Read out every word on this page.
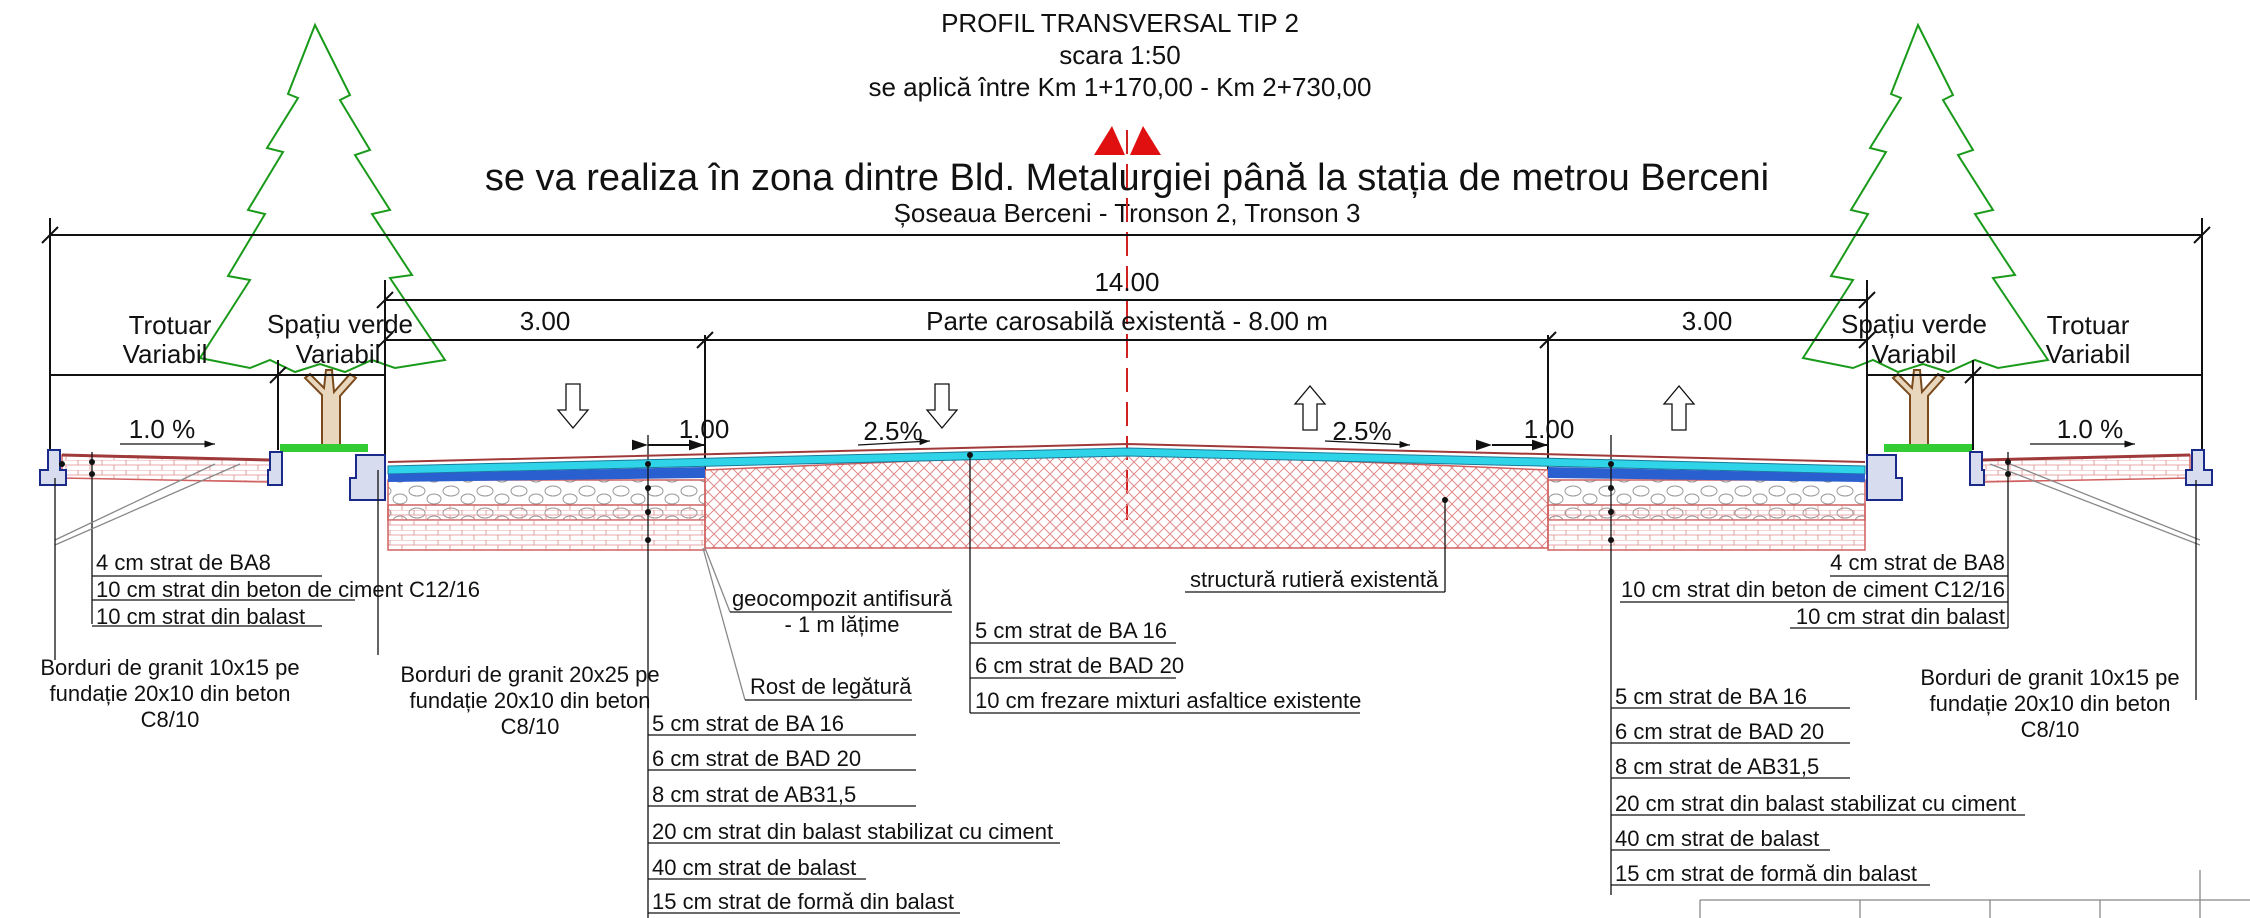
PROFIL TRANSVERSAL TIP 2
scara 1:50
se aplică între Km 1+170,00 - Km 2+730,00
se va realiza în zona dintre Bld. Metalurgiei până la stația de metrou Berceni
Șoseaua Berceni - Tronson 2, Tronson 3
14.00
3.00	Parte carosabilă existentă - 8.00 m	3.00
Trotuar
Variabil
Spațiu verde
Variabil
Spațiu verde
Variabil
Trotuar
Variabil
1.00	1.00
1.0 %	2.5%	2.5%	1.0 %
4 cm strat de BA8
10 cm strat din beton de ciment C12/16
10 cm strat din balast
Borduri de granit 10x15 pe
fundație 20x10 din beton
C8/10
Borduri de granit 20x25 pe
fundație 20x10 din beton
C8/10
geocompozit antifisură
- 1 m lățime
Rost de legătură
5 cm strat de BA 16
6 cm strat de BAD 20
8 cm strat de AB31,5
20 cm strat din balast stabilizat cu ciment
40 cm strat de balast
15 cm strat de formă din balast
5 cm strat de BA 16
6 cm strat de BAD 20
10 cm frezare mixturi asfaltice existente
structură rutieră existentă
4 cm strat de BA8
10 cm strat din beton de ciment C12/16
10 cm strat din balast
5 cm strat de BA 16
6 cm strat de BAD 20
8 cm strat de AB31,5
20 cm strat din balast stabilizat cu ciment
40 cm strat de balast
15 cm strat de formă din balast
Borduri de granit 10x15 pe
fundație 20x10 din beton
C8/10
